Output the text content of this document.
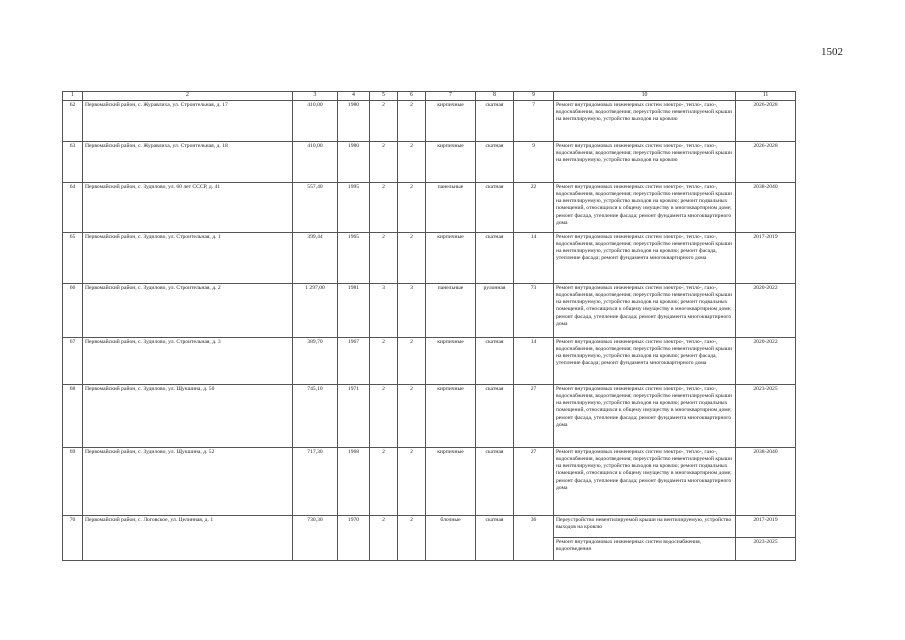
1502
1	2	3	4	5	6	7	8	9	10	11
62	Первомайский район, с. Журавлиха, ул. Строительная, д. 17	410,00	1980	2	2	кирпичные	скатная	7	Ремонт внутридомовых инженерных систем электро-, тепло-, газо-, водоснабжения, водоотведения; переустройство невентилируемой крыши на вентилируемую, устройство выходов на кровлю	2026-2028
63	Первомайский район, с. Журавлиха, ул. Строительная, д. 18	410,00	1980	2	2	кирпичные	скатная	9	Ремонт внутридомовых инженерных систем электро-, тепло-, газо-, водоснабжения, водоотведения; переустройство невентилируемой крыши на вентилируемую, устройство выходов на кровлю	2026-2028
64	Первомайский район, с. Зудилово, ул. 60 лет СССР, д. 41	557,40	1995	2	2	панельные	скатная	22	Ремонт внутридомовых инженерных систем электро-, тепло-, газо-, водоснабжения, водоотведения; переустройство невентилируемой крыши на вентилируемую, устройство выходов на кровлю; ремонт подвальных помещений, относящихся к общему имуществу в многоквартирном доме; ремонт фасада, утепление фасада; ремонт фундамента многоквартирного дома	2038-2040
65	Первомайский район, с. Зудилово, ул. Строительная, д. 1	399,44	1965	2	2	кирпичные	скатная	14	Ремонт внутридомовых инженерных систем электро-, тепло-, газо-, водоснабжения, водоотведения; переустройство невентилируемой крыши на вентилируемую, устройство выходов на кровлю; ремонт фасада, утепление фасада; ремонт фундамента многоквартирного дома	2017-2019
66	Первомайский район, с. Зудилово, ул. Строительная, д. 2	1 297,00	1981	3	3	панельные	рулонная	73	Ремонт внутридомовых инженерных систем электро-, тепло-, газо-, водоснабжения, водоотведения; переустройство невентилируемой крыши на вентилируемую, устройство выходов на кровлю; ремонт подвальных помещений, относящихся к общему имуществу в многоквартирном доме; ремонт фасада, утепление фасада; ремонт фундамента многоквартирного дома	2020-2022
67	Первомайский район, с. Зудилово, ул. Строительная, д. 3	389,70	1967	2	2	кирпичные	скатная	14	Ремонт внутридомовых инженерных систем электро-, тепло-, газо-, водоснабжения, водоотведения; переустройство невентилируемой крыши на вентилируемую, устройство выходов на кровлю; ремонт фасада, утепление фасада; ремонт фундамента многоквартирного дома	2020-2022
68	Первомайский район, с. Зудилово, ул. Щукшина, д. 50	745,10	1971	2	2	кирпичные	скатная	27	Ремонт внутридомовых инженерных систем электро-, тепло-, газо-, водоснабжения, водоотведения; переустройство невентилируемой крыши на вентилируемую, устройство выходов на кровлю; ремонт подвальных помещений, относящихся к общему имуществу в многоквартирном доме; ремонт фасада, утепление фасада; ремонт фундамента многоквартирного дома	2023-2025
69	Первомайский район, с. Зудилово, ул. Щукшина, д. 52	717,30	1968	2	2	кирпичные	скатная	27	Ремонт внутридомовых инженерных систем электро-, тепло-, газо-, водоснабжения, водоотведения; переустройство невентилируемой крыши на вентилируемую, устройство выходов на кровлю; ремонт подвальных помещений, относящихся к общему имуществу в многоквартирном доме; ремонт фасада, утепление фасада; ремонт фундамента многоквартирного дома	2038-2040
70	Первомайский район, с. Логовское, ул. Целинная, д. 1	730,30	1970	2	2	блочные	скатная	36	Переустройство невентилируемой крыши на вентилируемую, устройство выходов на кровлю	2017-2019
									Ремонт внутридомовых инженерных систем водоснабжения, водоотведения	2023-2025
